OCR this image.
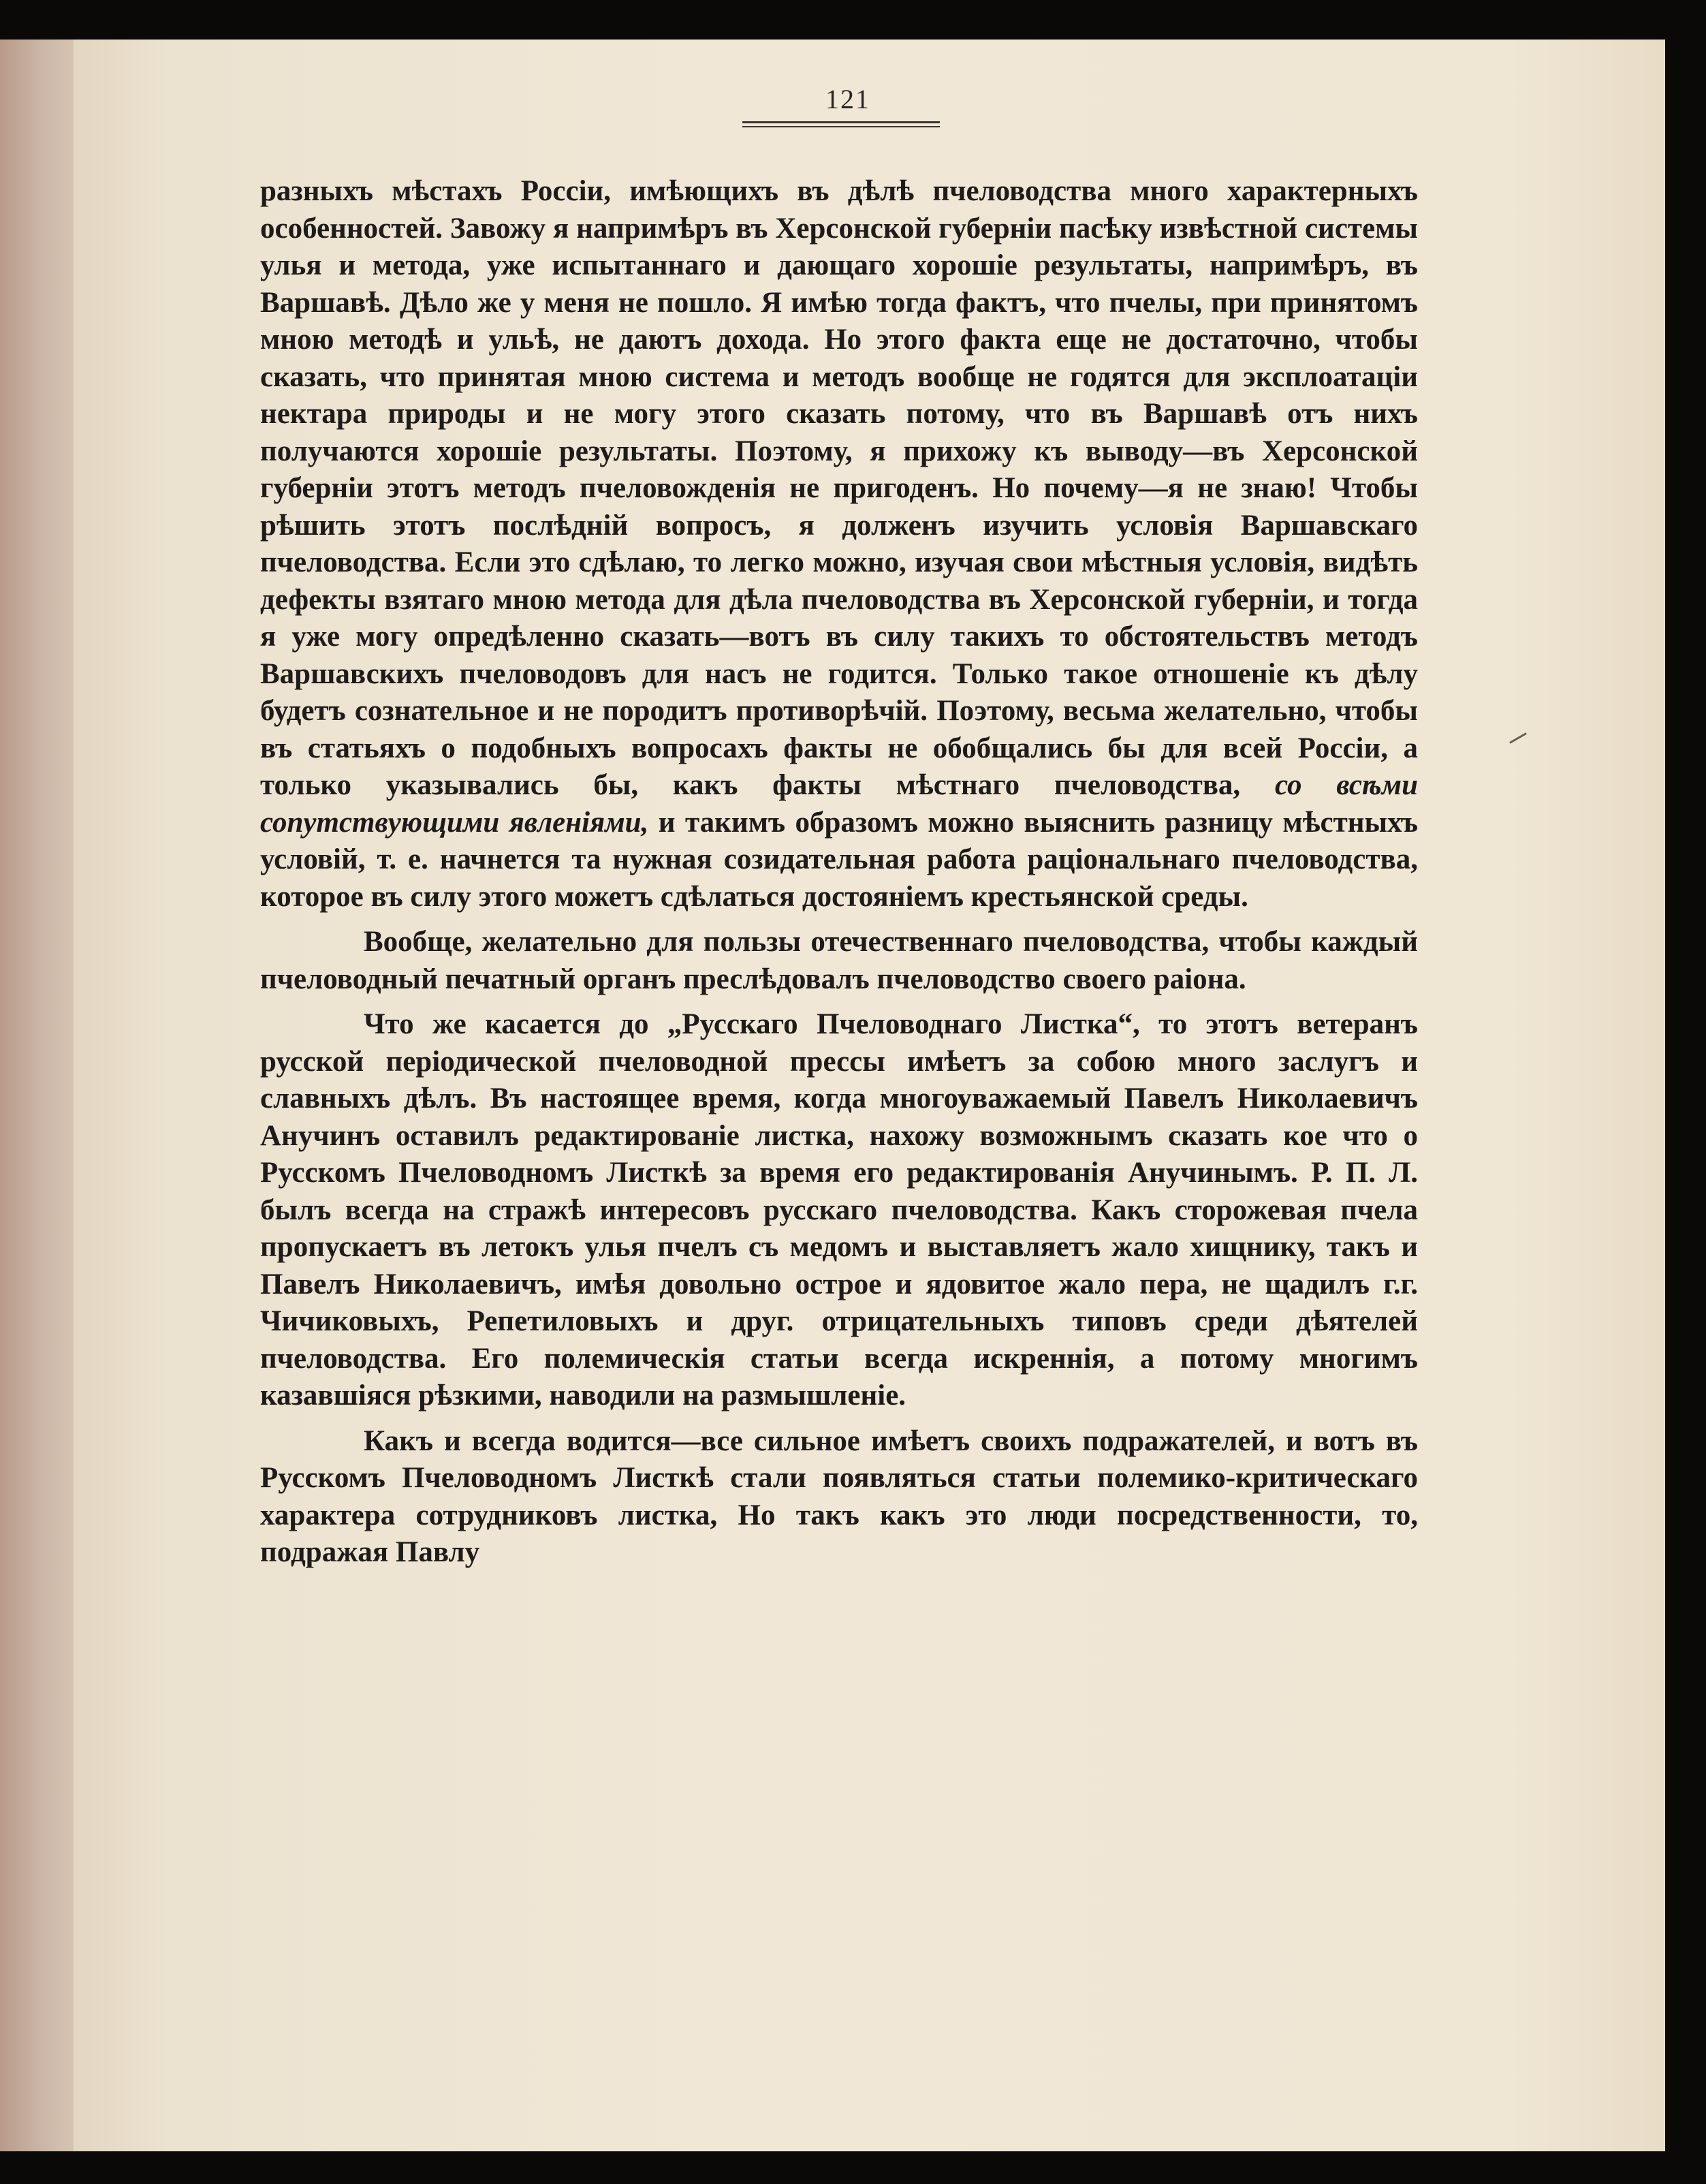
121

разныхъ мѣстахъ Россіи, имѣющихъ въ дѣлѣ пчеловодства много характерныхъ особенностей. Завожу я напримѣръ въ Херсонской губерніи пасѣку извѣстной системы улья и метода, уже испытаннаго и дающаго хорошіе результаты, напримѣръ, въ Варшавѣ. Дѣло же у меня не пошло. Я имѣю тогда фактъ, что пчелы, при принятомъ мною методѣ и ульѣ, не даютъ дохода. Но этого факта еще не достаточно, чтобы сказать, что принятая мною система и методъ вообще не годятся для эксплоатаціи нектара природы и не могу этого сказать потому, что въ Варшавѣ отъ нихъ получаются хорошіе результаты. Поэтому, я прихожу къ выводу—въ Херсонской губерніи этотъ методъ пчеловожденія не пригоденъ. Но почему—я не знаю! Чтобы рѣшить этотъ послѣдній вопросъ, я долженъ изучить условія Варшавскаго пчеловодства. Если это сдѣлаю, то легко можно, изучая свои мѣстныя условія, видѣть дефекты взятаго мною метода для дѣла пчеловодства въ Херсонской губерніи, и тогда я уже могу опредѣленно сказать—вотъ въ силу такихъ то обстоятельствъ методъ Варшавскихъ пчеловодовъ для насъ не годится. Только такое отношеніе къ дѣлу будетъ сознательное и не породитъ противорѣчій. Поэтому, весьма желательно, чтобы въ статьяхъ о подобныхъ вопросахъ факты не обобщались бы для всей Россіи, а только указывались бы, какъ факты мѣстнаго пчеловодства, со всѣми сопутствующими явленіями, и такимъ образомъ можно выяснить разницу мѣстныхъ условій, т. е. начнется та нужная созидательная работа раціональнаго пчеловодства, которое въ силу этого можетъ сдѣлаться достояніемъ крестьянской среды.

Вообще, желательно для пользы отечественнаго пчеловодства, чтобы каждый пчеловодный печатный органъ преслѣдовалъ пчеловодство своего раіона.

Что же касается до „Русскаго Пчеловоднаго Листка“, то этотъ ветеранъ русской періодической пчеловодной прессы имѣетъ за собою много заслугъ и славныхъ дѣлъ. Въ настоящее время, когда многоуважаемый Павелъ Николаевичъ Анучинъ оставилъ редактированіе листка, нахожу возможнымъ сказать кое что о Русскомъ Пчеловодномъ Листкѣ за время его редактированія Анучинымъ. Р. П. Л. былъ всегда на стражѣ интересовъ русскаго пчеловодства. Какъ сторожевая пчела пропускаетъ въ летокъ улья пчелъ съ медомъ и выставляетъ жало хищнику, такъ и Павелъ Николаевичъ, имѣя довольно острое и ядовитое жало пера, не щадилъ г.г. Чичиковыхъ, Репетиловыхъ и друг. отрицательныхъ типовъ среди дѣятелей пчеловодства. Его полемическія статьи всегда искреннія, а потому многимъ казавшіяся рѣзкими, наводили на размышленіе.

Какъ и всегда водится—все сильное имѣетъ своихъ подражателей, и вотъ въ Русскомъ Пчеловодномъ Листкѣ стали появляться статьи полемико-критическаго характера сотрудниковъ листка, Но такъ какъ это люди посредственности, то, подражая Павлу
